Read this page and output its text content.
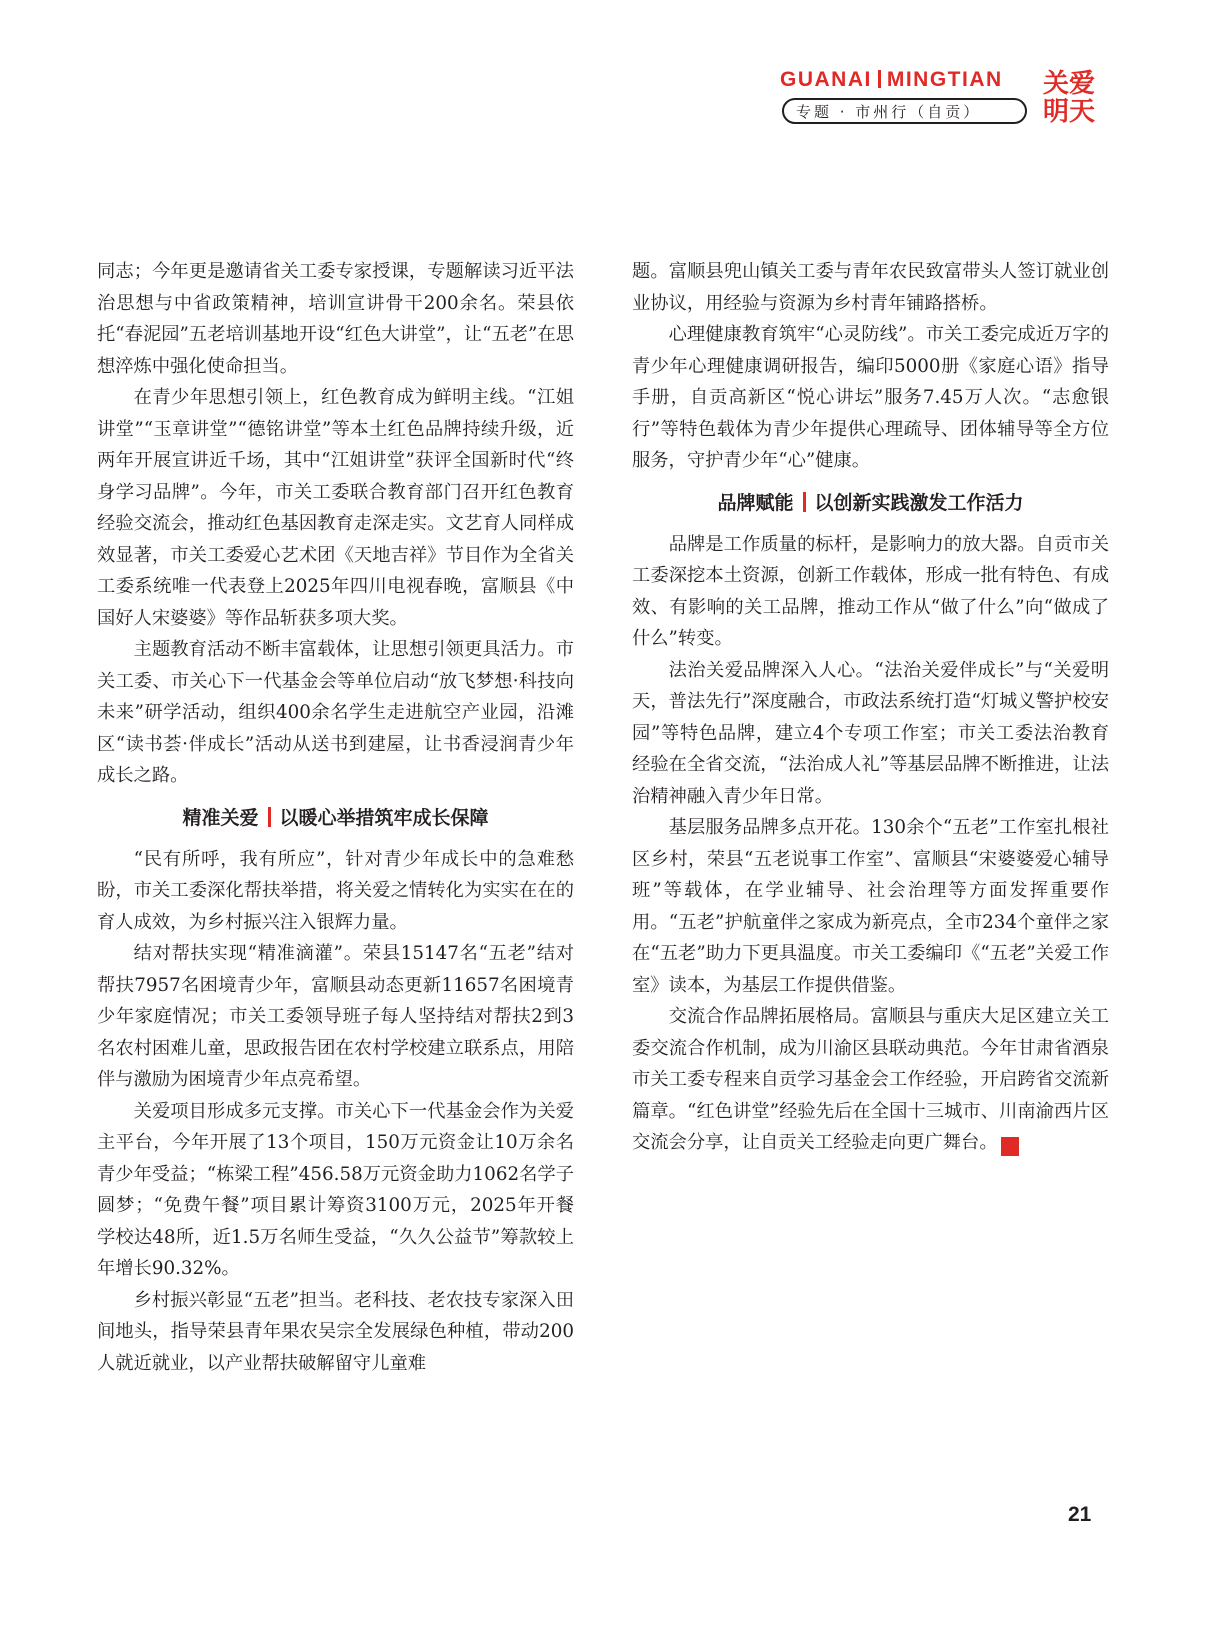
GUANAI MINGTIAN
专题 · 市州行（自贡）
关爱
明天

同志；今年更是邀请省关工委专家授课，专题解读习近平法治思想与中省政策精神，培训宣讲骨干200余名。荣县依托“春泥园”五老培训基地开设“红色大讲堂”，让“五老”在思想淬炼中强化使命担当。

在青少年思想引领上，红色教育成为鲜明主线。“江姐讲堂”“玉章讲堂”“德铭讲堂”等本土红色品牌持续升级，近两年开展宣讲近千场，其中“江姐讲堂”获评全国新时代“终身学习品牌”。今年，市关工委联合教育部门召开红色教育经验交流会，推动红色基因教育走深走实。文艺育人同样成效显著，市关工委爱心艺术团《天地吉祥》节目作为全省关工委系统唯一代表登上2025年四川电视春晚，富顺县《中国好人宋婆婆》等作品斩获多项大奖。

主题教育活动不断丰富载体，让思想引领更具活力。市关工委、市关心下一代基金会等单位启动“放飞梦想·科技向未来”研学活动，组织400余名学生走进航空产业园，沿滩区“读书荟·伴成长”活动从送书到建屋，让书香浸润青少年成长之路。

精准关爱 以暖心举措筑牢成长保障

“民有所呼，我有所应”，针对青少年成长中的急难愁盼，市关工委深化帮扶举措，将关爱之情转化为实实在在的育人成效，为乡村振兴注入银辉力量。

结对帮扶实现“精准滴灌”。荣县15147名“五老”结对帮扶7957名困境青少年，富顺县动态更新11657名困境青少年家庭情况；市关工委领导班子每人坚持结对帮扶2到3名农村困难儿童，思政报告团在农村学校建立联系点，用陪伴与激励为困境青少年点亮希望。

关爱项目形成多元支撑。市关心下一代基金会作为关爱主平台，今年开展了13个项目，150万元资金让10万余名青少年受益；“栋梁工程”456.58万元资金助力1062名学子圆梦；“免费午餐”项目累计筹资3100万元，2025年开餐学校达48所，近1.5万名师生受益，“久久公益节”筹款较上年增长90.32%。

乡村振兴彰显“五老”担当。老科技、老农技专家深入田间地头，指导荣县青年果农吴宗全发展绿色种植，带动200人就近就业，以产业帮扶破解留守儿童难

题。富顺县兜山镇关工委与青年农民致富带头人签订就业创业协议，用经验与资源为乡村青年铺路搭桥。

心理健康教育筑牢“心灵防线”。市关工委完成近万字的青少年心理健康调研报告，编印5000册《家庭心语》指导手册，自贡高新区“悦心讲坛”服务7.45万人次。“志愈银行”等特色载体为青少年提供心理疏导、团体辅导等全方位服务，守护青少年“心”健康。

品牌赋能 以创新实践激发工作活力

品牌是工作质量的标杆，是影响力的放大器。自贡市关工委深挖本土资源，创新工作载体，形成一批有特色、有成效、有影响的关工品牌，推动工作从“做了什么”向“做成了什么”转变。

法治关爱品牌深入人心。“法治关爱伴成长”与“关爱明天，普法先行”深度融合，市政法系统打造“灯城义警护校安园”等特色品牌，建立4个专项工作室；市关工委法治教育经验在全省交流，“法治成人礼”等基层品牌不断推进，让法治精神融入青少年日常。

基层服务品牌多点开花。130余个“五老”工作室扎根社区乡村，荣县“五老说事工作室”、富顺县“宋婆婆爱心辅导班”等载体，在学业辅导、社会治理等方面发挥重要作用。“五老”护航童伴之家成为新亮点，全市234个童伴之家在“五老”助力下更具温度。市关工委编印《“五老”关爱工作室》读本，为基层工作提供借鉴。

交流合作品牌拓展格局。富顺县与重庆大足区建立关工委交流合作机制，成为川渝区县联动典范。今年甘肃省酒泉市关工委专程来自贡学习基金会工作经验，开启跨省交流新篇章。“红色讲堂”经验先后在全国十三城市、川南渝西片区交流会分享，让自贡关工经验走向更广舞台。	关

21
